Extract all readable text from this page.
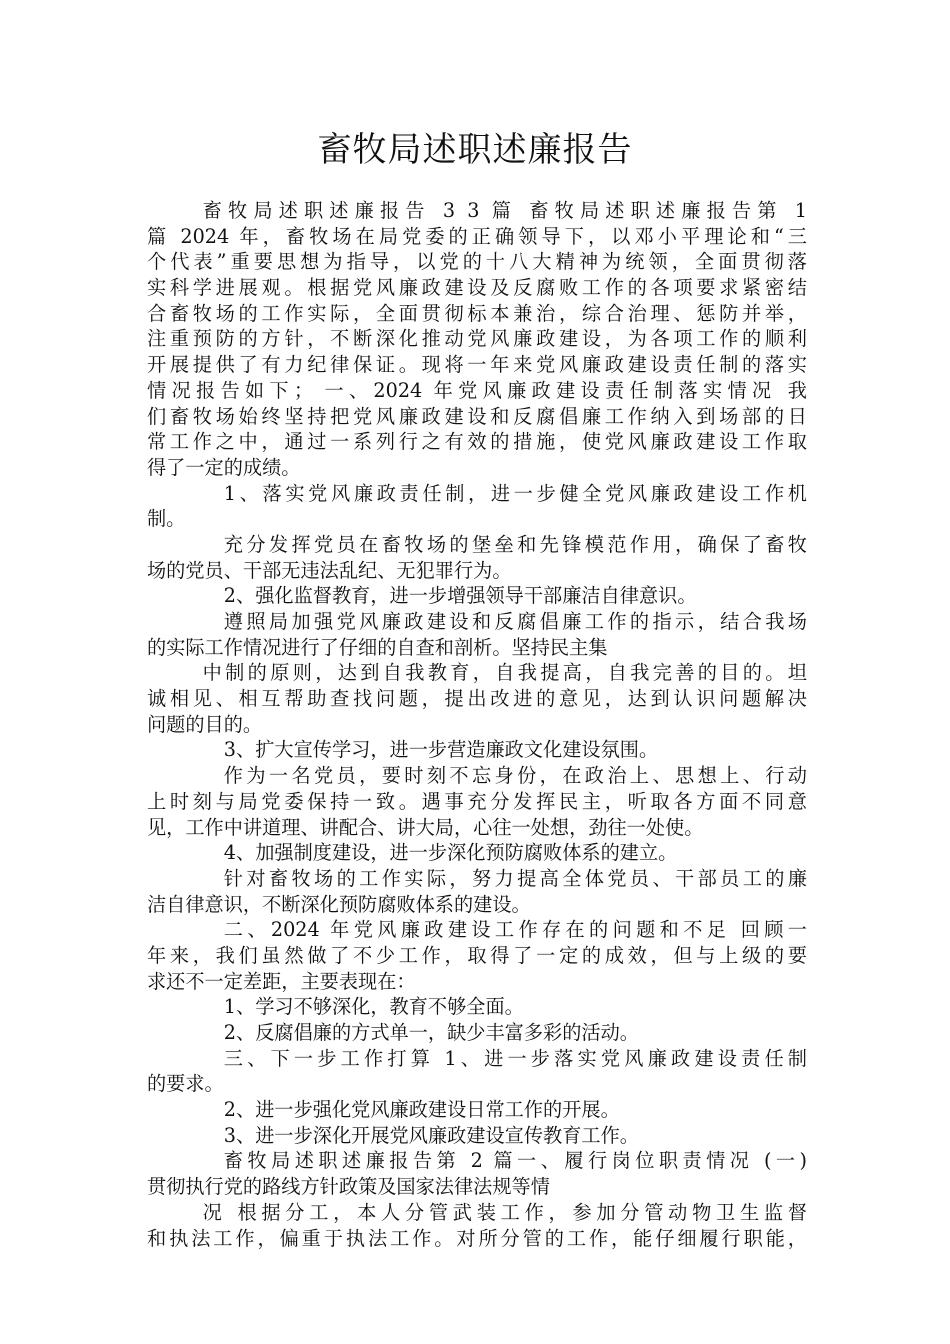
畜牧局述职述廉报告
畜牧局述职述廉报告 3 3 篇 畜牧局述职述廉报告第 1
篇 2024 年，畜牧场在局党委的正确领导下，以邓小平理论和“三
个代表”重要思想为指导，以党的十八大精神为统领，全面贯彻落
实科学进展观。根据党风廉政建设及反腐败工作的各项要求紧密结
合畜牧场的工作实际，全面贯彻标本兼治，综合治理、惩防并举，
注重预防的方针，不断深化推动党风廉政建设，为各项工作的顺利
开展提供了有力纪律保证。现将一年来党风廉政建设责任制的落实
情况报告如下； 一、2024 年党风廉政建设责任制落实情况 我
们畜牧场始终坚持把党风廉政建设和反腐倡廉工作纳入到场部的日
常工作之中，通过一系列行之有效的措施，使党风廉政建设工作取
得了一定的成绩。
1、落实党风廉政责任制，进一步健全党风廉政建设工作机
制。
充分发挥党员在畜牧场的堡垒和先锋模范作用，确保了畜牧
场的党员、干部无违法乱纪、无犯罪行为。
2、强化监督教育，进一步增强领导干部廉洁自律意识。
遵照局加强党风廉政建设和反腐倡廉工作的指示，结合我场
的实际工作情况进行了仔细的自查和剖析。坚持民主集
中制的原则，达到自我教育，自我提高，自我完善的目的。坦
诚相见、相互帮助查找问题，提出改进的意见，达到认识问题解决
问题的目的。
3、扩大宣传学习，进一步营造廉政文化建设氛围。
作为一名党员，要时刻不忘身份，在政治上、思想上、行动
上时刻与局党委保持一致。遇事充分发挥民主，听取各方面不同意
见，工作中讲道理、讲配合、讲大局，心往一处想，劲往一处使。
4、加强制度建设，进一步深化预防腐败体系的建立。
针对畜牧场的工作实际，努力提高全体党员、干部员工的廉
洁自律意识，不断深化预防腐败体系的建设。
二、2024 年党风廉政建设工作存在的问题和不足 回顾一
年来，我们虽然做了不少工作，取得了一定的成效，但与上级的要
求还不一定差距，主要表现在：
1、学习不够深化，教育不够全面。
2、反腐倡廉的方式单一，缺少丰富多彩的活动。
三、下一步工作打算 1、进一步落实党风廉政建设责任制
的要求。
2、进一步强化党风廉政建设日常工作的开展。
3、进一步深化开展党风廉政建设宣传教育工作。
畜牧局述职述廉报告第 2 篇一、履行岗位职责情况 (一)
贯彻执行党的路线方针政策及国家法律法规等情
况 根据分工，本人分管武装工作，参加分管动物卫生监督
和执法工作，偏重于执法工作。对所分管的工作，能仔细履行职能，
